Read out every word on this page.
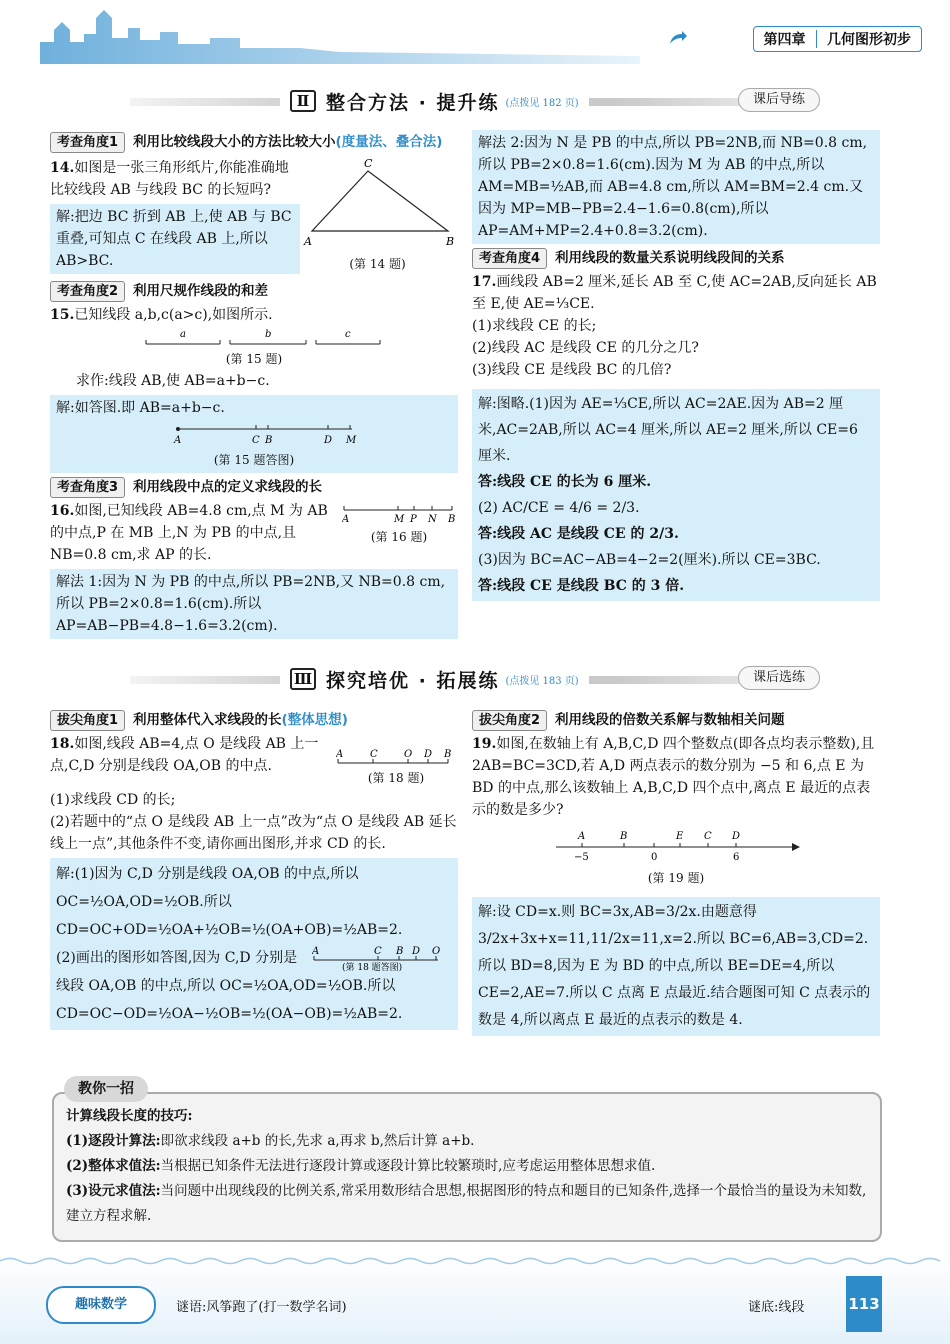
第四章	几何图形初步
Ⅱ 整合方法 · 提升练 (点拨见 182 页)	课后导练
考查角度1	利用比较线段大小的方法比较大小(度量法、叠合法)

14.如图是一张三角形纸片,你能准确地比较线段 AB 与线段 BC 的长短吗?

解:把边 BC 折到 AB 上,使 AB 与 BC 重叠,可知点 C 在线段 AB 上,所以 AB>BC.
A	B
C
(第 14 题)
考查角度2	利用尺规作线段的和差

15.已知线段 a,b,c(a>c),如图所示.

a	b	c
(第 15 题)

求作:线段 AB,使 AB=a+b−c.

解:如答图.即 AB=a+b−c.

A	C B	D M
(第 15 题答图)
考查角度3	利用线段中点的定义求线段的长

16.如图,已知线段 AB=4.8 cm,点 M 为 AB 的中点,P 在 MB 上,N 为 PB 的中点,且 NB=0.8 cm,求 AP 的长.

A	M P N B
(第 16 题)
解法 1:因为 N 为 PB 的中点,所以 PB=2NB,又 NB=0.8 cm,所以 PB=2×0.8=1.6(cm).所以 AP=AB−PB=4.8−1.6=3.2(cm).
解法 2:因为 N 是 PB 的中点,所以 PB=2NB,而 NB=0.8 cm,所以 PB=2×0.8=1.6(cm).因为 M 为 AB 的中点,所以 AM=MB=½AB,而 AB=4.8 cm,所以 AM=BM=2.4 cm.又因为 MP=MB−PB=2.4−1.6=0.8(cm),所以 AP=AM+MP=2.4+0.8=3.2(cm).
考查角度4	利用线段的数量关系说明线段间的关系

17.画线段 AB=2 厘米,延长 AB 至 C,使 AC=2AB,反向延长 AB 至 E,使 AE=⅓CE.

(1)求线段 CE 的长;

(2)线段 AC 是线段 CE 的几分之几?

(3)线段 CE 是线段 BC 的几倍?

解:图略.(1)因为 AE=⅓CE,所以 AC=2AE.因为 AB=2 厘米,AC=2AB,所以 AC=4 厘米,所以 AE=2 厘米,所以 CE=6 厘米.

答:线段 CE 的长为 6 厘米.

(2) AC/CE = 4/6 = 2/3.

答:线段 AC 是线段 CE 的 2/3.

(3)因为 BC=AC−AB=4−2=2(厘米).所以 CE=3BC.

答:线段 CE 是线段 BC 的 3 倍.

Ⅲ 探究培优 · 拓展练 (点拨见 183 页)	课后选练
拔尖角度1	利用整体代入求线段的长(整体思想)

18.如图,线段 AB=4,点 O 是线段 AB 上一点,C,D 分别是线段 OA,OB 的中点.

A	C	O D B
(第 18 题)

(1)求线段 CD 的长;

(2)若题中的“点 O 是线段 AB 上一点”改为“点 O 是线段 AB 延长线上一点”,其他条件不变,请你画出图形,并求 CD 的长.

解:(1)因为 C,D 分别是线段 OA,OB 的中点,所以 OC=½OA,OD=½OB.所以 CD=OC+OD=½OA+½OB=½(OA+OB)=½AB=2.

A	C B D O
(第 18 题答图)

(2)画出的图形如答图,因为 C,D 分别是线段 OA,OB 的中点,所以 OC=½OA,OD=½OB.所以 CD=OC−OD=½OA−½OB=½(OA−OB)=½AB=2.

拔尖角度2	利用线段的倍数关系解与数轴相关问题

19.如图,在数轴上有 A,B,C,D 四个整数点(即各点均表示整数),且 2AB=BC=3CD,若 A,D 两点表示的数分别为 −5 和 6,点 E 为 BD 的中点,那么该数轴上 A,B,C,D 四个点中,离点 E 最近的点表示的数是多少?

A	B	E C D
−5	0	6
(第 19 题)
解:设 CD=x.则 BC=3x,AB=3/2x.由题意得 3/2x+3x+x=11,11/2x=11,x=2.所以 BC=6,AB=3,CD=2.所以 BD=8,因为 E 为 BD 的中点,所以 BE=DE=4,所以 CE=2,AE=7.所以 C 点离 E 点最近.结合题图可知 C 点表示的数是 4,所以离点 E 最近的点表示的数是 4.
教你一招

计算线段长度的技巧:

(1)逐段计算法:即欲求线段 a+b 的长,先求 a,再求 b,然后计算 a+b.

(2)整体求值法:当根据已知条件无法进行逐段计算或逐段计算比较繁琐时,应考虑运用整体思想求值.

(3)设元求值法:当问题中出现线段的比例关系,常采用数形结合思想,根据图形的特点和题目的已知条件,选择一个最恰当的量设为未知数,建立方程求解.

趣味数学	谜语:风筝跑了(打一数学名词)	谜底:线段	113
